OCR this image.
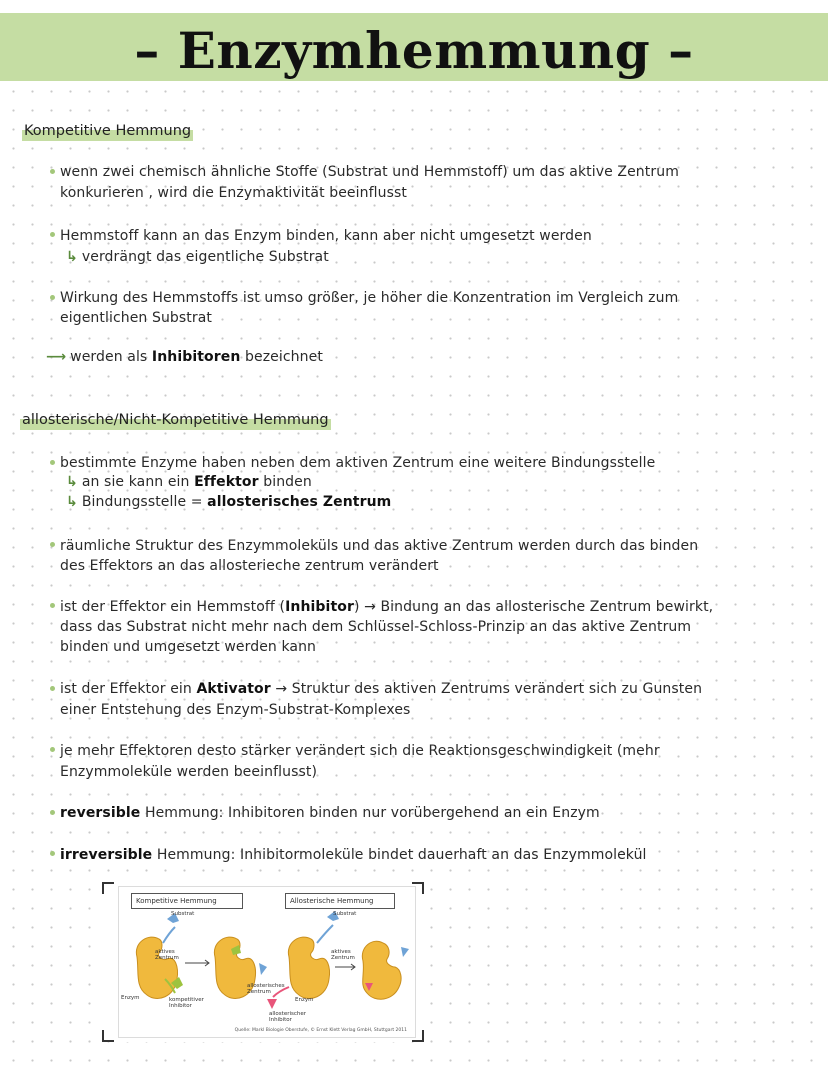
– Enzymhemmung –
Kompetitive Hemmung
wenn zwei chemisch ähnliche Stoffe (Substrat und Hemmstoff) um das aktive Zentrum
konkurieren , wird die Enzymaktivität beeinflusst
Hemmstoff kann an das Enzym binden, kann aber nicht umgesetzt werden
↳ verdrängt das eigentliche Substrat
Wirkung des Hemmstoffs ist umso größer, je höher die Konzentration im Vergleich zum
eigentlichen Substrat
⟶ werden als Inhibitoren bezeichnet
allosterische/Nicht-Kompetitive Hemmung
bestimmte Enzyme haben neben dem aktiven Zentrum eine weitere Bindungsstelle
↳ an sie kann ein Effektor binden
↳ Bindungsstelle = allosterisches Zentrum
räumliche Struktur des Enzymmoleküls und das aktive Zentrum werden durch das binden
des Effektors an das allosterieche zentrum verändert
ist der Effektor ein Hemmstoff (Inhibitor) → Bindung an das allosterische Zentrum bewirkt,
dass das Substrat nicht mehr nach dem Schlüssel-Schloss-Prinzip an das aktive Zentrum
binden und umgesetzt werden kann
ist der Effektor ein Aktivator → Struktur des aktiven Zentrums verändert sich zu Gunsten
einer Entstehung des Enzym-Substrat-Komplexes
je mehr Effektoren desto stärker verändert sich die Reaktionsgeschwindigkeit (mehr
Enzymmoleküle werden beeinflusst)
reversible Hemmung: Inhibitoren binden nur vorübergehend an ein Enzym
irreversible Hemmung: Inhibitormoleküle bindet dauerhaft an das Enzymmolekül
Kompetitive Hemmung	Allosterische Hemmung
Substrat
aktives Zentrum
Enzym	kompetitiver Inhibitor
Substrat
aktives Zentrum
allosterisches Zentrum
Enzym
allosterischer Inhibitor
Quelle: Markl Biologie Oberstufe, © Ernst Klett Verlag GmbH, Stuttgart 2011
